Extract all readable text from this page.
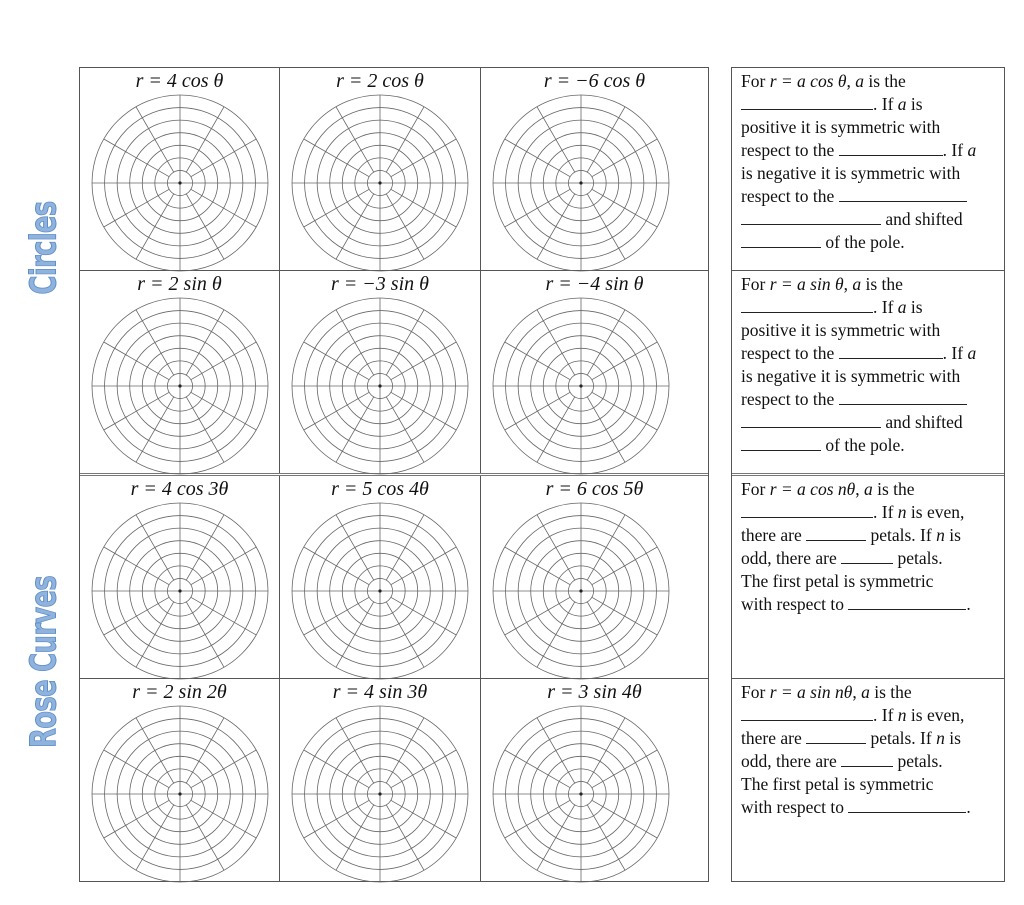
Circles
Rose Curves
r = 4 cos θ	r = 2 cos θ	r = −6 cos θ
r = 2 sin θ	r = −3 sin θ	r = −4 sin θ
r = 4 cos 3θ	r = 5 cos 4θ	r = 6 cos 5θ
r = 2 sin 2θ	r = 4 sin 3θ	r = 3 sin 4θ
For r = a cos θ, a is the
. If a is
positive it is symmetric with
respect to the	. If a
is negative it is symmetric with
respect to the
and shifted
of the pole.
For r = a sin θ, a is the
. If a is
positive it is symmetric with
respect to the	. If a
is negative it is symmetric with
respect to the
and shifted
of the pole.
For r = a cos nθ, a is the
. If n is even,
there are	petals. If n is
odd, there are	petals.
The first petal is symmetric
with respect to	.
For r = a sin nθ, a is the
. If n is even,
there are	petals. If n is
odd, there are	petals.
The first petal is symmetric
with respect to	.
